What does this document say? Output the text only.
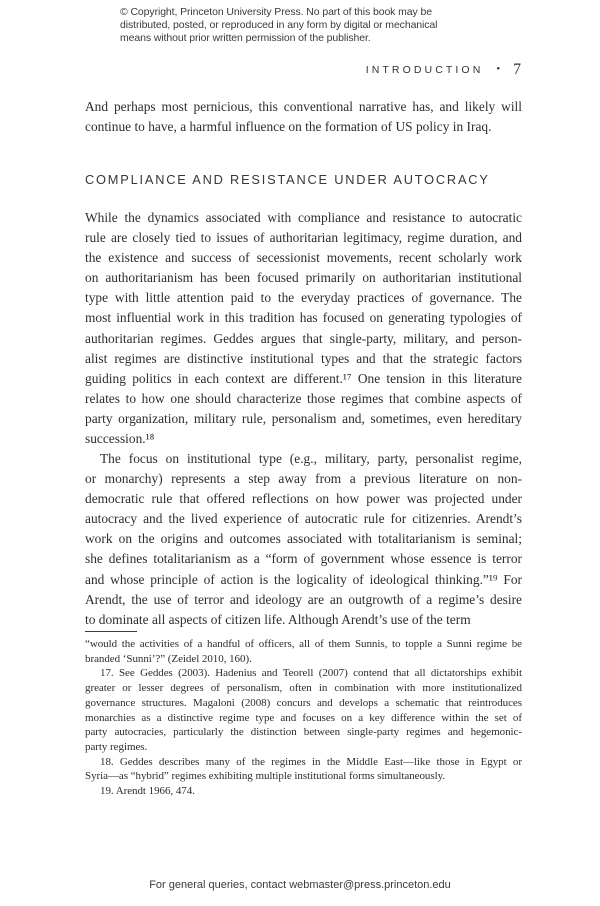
© Copyright, Princeton University Press. No part of this book may be
distributed, posted, or reproduced in any form by digital or mechanical
means without prior written permission of the publisher.
INTRODUCTION • 7
And perhaps most pernicious, this conventional narrative has, and likely will
continue to have, a harmful influence on the formation of US policy in Iraq.
COMPLIANCE AND RESISTANCE UNDER AUTOCRACY
While the dynamics associated with compliance and resistance to autocratic
rule are closely tied to issues of authoritarian legitimacy, regime duration, and
the existence and success of secessionist movements, recent scholarly work
on authoritarianism has been focused primarily on authoritarian institutional
type with little attention paid to the everyday practices of governance. The
most influential work in this tradition has focused on generating typologies of
authoritarian regimes. Geddes argues that single-party, military, and person-
alist regimes are distinctive institutional types and that the strategic factors
guiding politics in each context are different.¹⁷ One tension in this literature
relates to how one should characterize those regimes that combine aspects of
party organization, military rule, personalism and, sometimes, even hereditary
succession.¹⁸
The focus on institutional type (e.g., military, party, personalist regime,
or monarchy) represents a step away from a previous literature on non-
democratic rule that offered reflections on how power was projected under
autocracy and the lived experience of autocratic rule for citizenries. Arendt’s
work on the origins and outcomes associated with totalitarianism is seminal;
she defines totalitarianism as a “form of government whose essence is terror
and whose principle of action is the logicality of ideological thinking.”¹⁹ For
Arendt, the use of terror and ideology are an outgrowth of a regime’s desire
to dominate all aspects of citizen life. Although Arendt’s use of the term
“would the activities of a handful of officers, all of them Sunnis, to topple a Sunni regime be
branded ‘Sunni’?” (Zeidel 2010, 160).
17. See Geddes (2003). Hadenius and Teorell (2007) contend that all dictatorships exhibit
greater or lesser degrees of personalism, often in combination with more institutionalized
governance structures. Magaloni (2008) concurs and develops a schematic that reintroduces
monarchies as a distinctive regime type and focuses on a key difference within the set of
party autocracies, particularly the distinction between single-party regimes and hegemonic-
party regimes.
18. Geddes describes many of the regimes in the Middle East—like those in Egypt or
Syria—as “hybrid” regimes exhibiting multiple institutional forms simultaneously.
19. Arendt 1966, 474.
For general queries, contact webmaster@press.princeton.edu
